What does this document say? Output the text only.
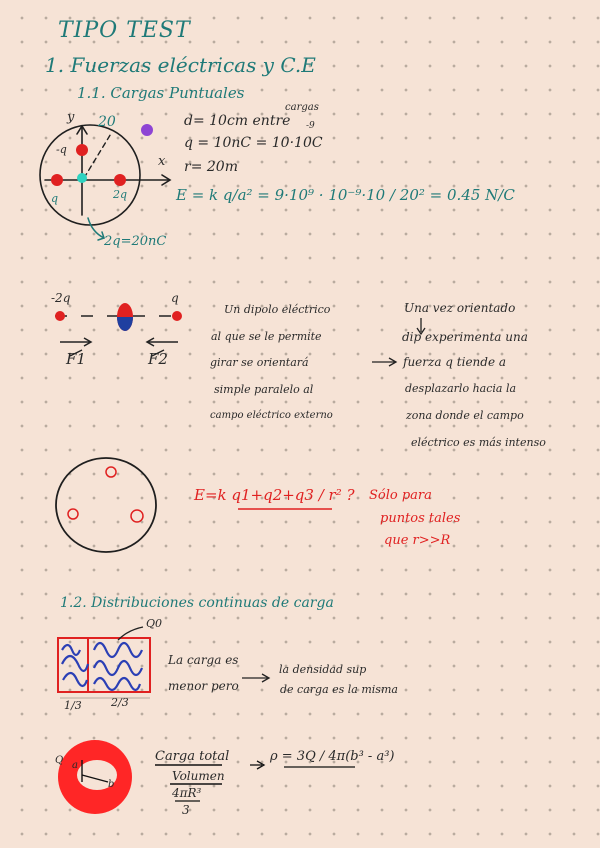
TIPO TEST
1. Fuerzas eléctricas y C.E
1.1. Cargas Puntuales
y
x
20
-q
q	2q
2q=20nC
d= 10cm entre
cargas
-9
q = 10nC = 10·10C
r= 20m
E = k q/a² = 9·10⁹ · 10⁻⁹·10 / 20² = 0.45 N/C
-2q	q
F1	F2
Un dipolo eléctrico
al que se le permite
girar se orientará
simple paralelo al
campo eléctrico externo
Una vez orientado
dip experimenta una
fuerza q tiende a
desplazarlo hacia la
zona donde el campo
eléctrico es más intenso
E=k q1+q2+q3 / r² ? Sólo para
puntos tales
que r>>R
1.2. Distribuciones continuas de carga
Q0
1/3	2/3
La carga es
menor pero
la densidad sup
de carga es la misma
a
b
Q	Carga total
Volumen
4πR³
3
ρ = 3Q / 4π(b³ - a³)
